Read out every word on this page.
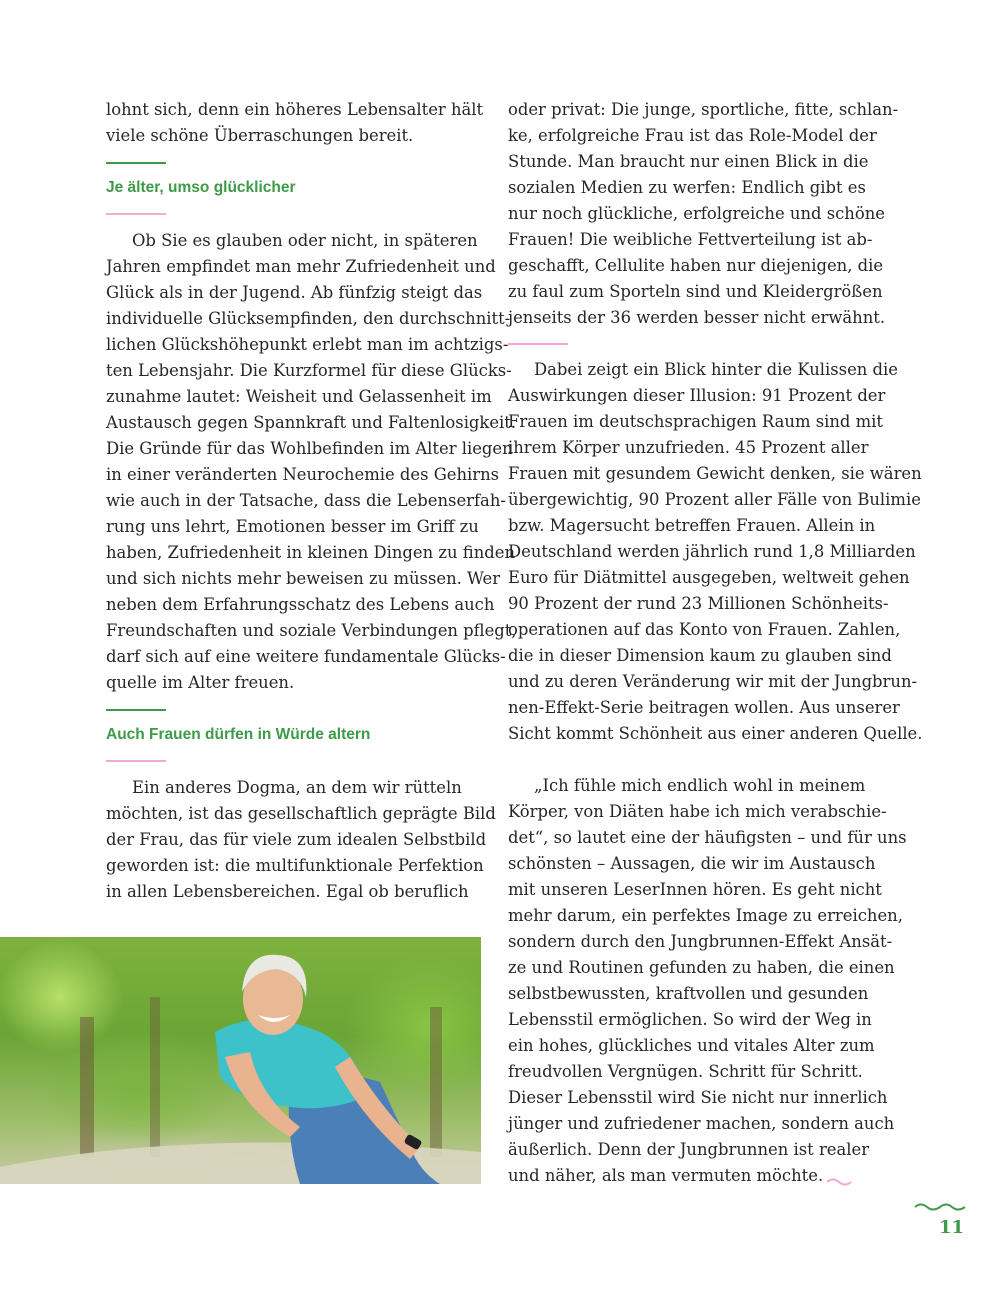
lohnt sich, denn ein höheres Lebensalter hält
viele schöne Überraschungen bereit.

Je älter, umso glücklicher

Ob Sie es glauben oder nicht, in späteren
Jahren empfindet man mehr Zufriedenheit und
Glück als in der Jugend. Ab fünfzig steigt das
individuelle Glücksempfinden, den durchschnitt-
lichen Glückshöhepunkt erlebt man im achtzigs-
ten Lebensjahr. Die Kurzformel für diese Glücks-
zunahme lautet: Weisheit und Gelassenheit im
Austausch gegen Spannkraft und Faltenlosigkeit.
Die Gründe für das Wohlbefinden im Alter liegen
in einer veränderten Neurochemie des Gehirns
wie auch in der Tatsache, dass die Lebenserfah-
rung uns lehrt, Emotionen besser im Griff zu
haben, Zufriedenheit in kleinen Dingen zu finden
und sich nichts mehr beweisen zu müssen. Wer
neben dem Erfahrungsschatz des Lebens auch
Freundschaften und soziale Verbindungen pflegt,
darf sich auf eine weitere fundamentale Glücks-
quelle im Alter freuen.

Auch Frauen dürfen in Würde altern

Ein anderes Dogma, an dem wir rütteln
möchten, ist das gesellschaftlich geprägte Bild
der Frau, das für viele zum idealen Selbstbild
geworden ist: die multifunktionale Perfektion
in allen Lebensbereichen. Egal ob beruflich

oder privat: Die junge, sportliche, fitte, schlan-
ke, erfolgreiche Frau ist das Role-Model der
Stunde. Man braucht nur einen Blick in die
sozialen Medien zu werfen: Endlich gibt es
nur noch glückliche, erfolgreiche und schöne
Frauen! Die weibliche Fettverteilung ist ab-
geschafft, Cellulite haben nur diejenigen, die
zu faul zum Sporteln sind und Kleidergrößen
jenseits der 36 werden besser nicht erwähnt.

Dabei zeigt ein Blick hinter die Kulissen die
Auswirkungen dieser Illusion: 91 Prozent der
Frauen im deutschsprachigen Raum sind mit
ihrem Körper unzufrieden. 45 Prozent aller
Frauen mit gesundem Gewicht denken, sie wären
übergewichtig, 90 Prozent aller Fälle von Bulimie
bzw. Magersucht betreffen Frauen. Allein in
Deutschland werden jährlich rund 1,8 Milliarden
Euro für Diätmittel ausgegeben, weltweit gehen
90 Prozent der rund 23 Millionen Schönheits-
operationen auf das Konto von Frauen. Zahlen,
die in dieser Dimension kaum zu glauben sind
und zu deren Veränderung wir mit der Jungbrun-
nen-Effekt-Serie beitragen wollen. Aus unserer
Sicht kommt Schönheit aus einer anderen Quelle.

„Ich fühle mich endlich wohl in meinem
Körper, von Diäten habe ich mich verabschie-
det“, so lautet eine der häufigsten – und für uns
schönsten – Aussagen, die wir im Austausch
mit unseren LeserInnen hören. Es geht nicht
mehr darum, ein perfektes Image zu erreichen,
sondern durch den Jungbrunnen-Effekt Ansät-
ze und Routinen gefunden zu haben, die einen
selbstbewussten, kraftvollen und gesunden
Lebensstil ermöglichen. So wird der Weg in
ein hohes, glückliches und vitales Alter zum
freudvollen Vergnügen. Schritt für Schritt.
Dieser Lebensstil wird Sie nicht nur innerlich
jünger und zufriedener machen, sondern auch
äußerlich. Denn der Jungbrunnen ist realer
und näher, als man vermuten möchte.

11
